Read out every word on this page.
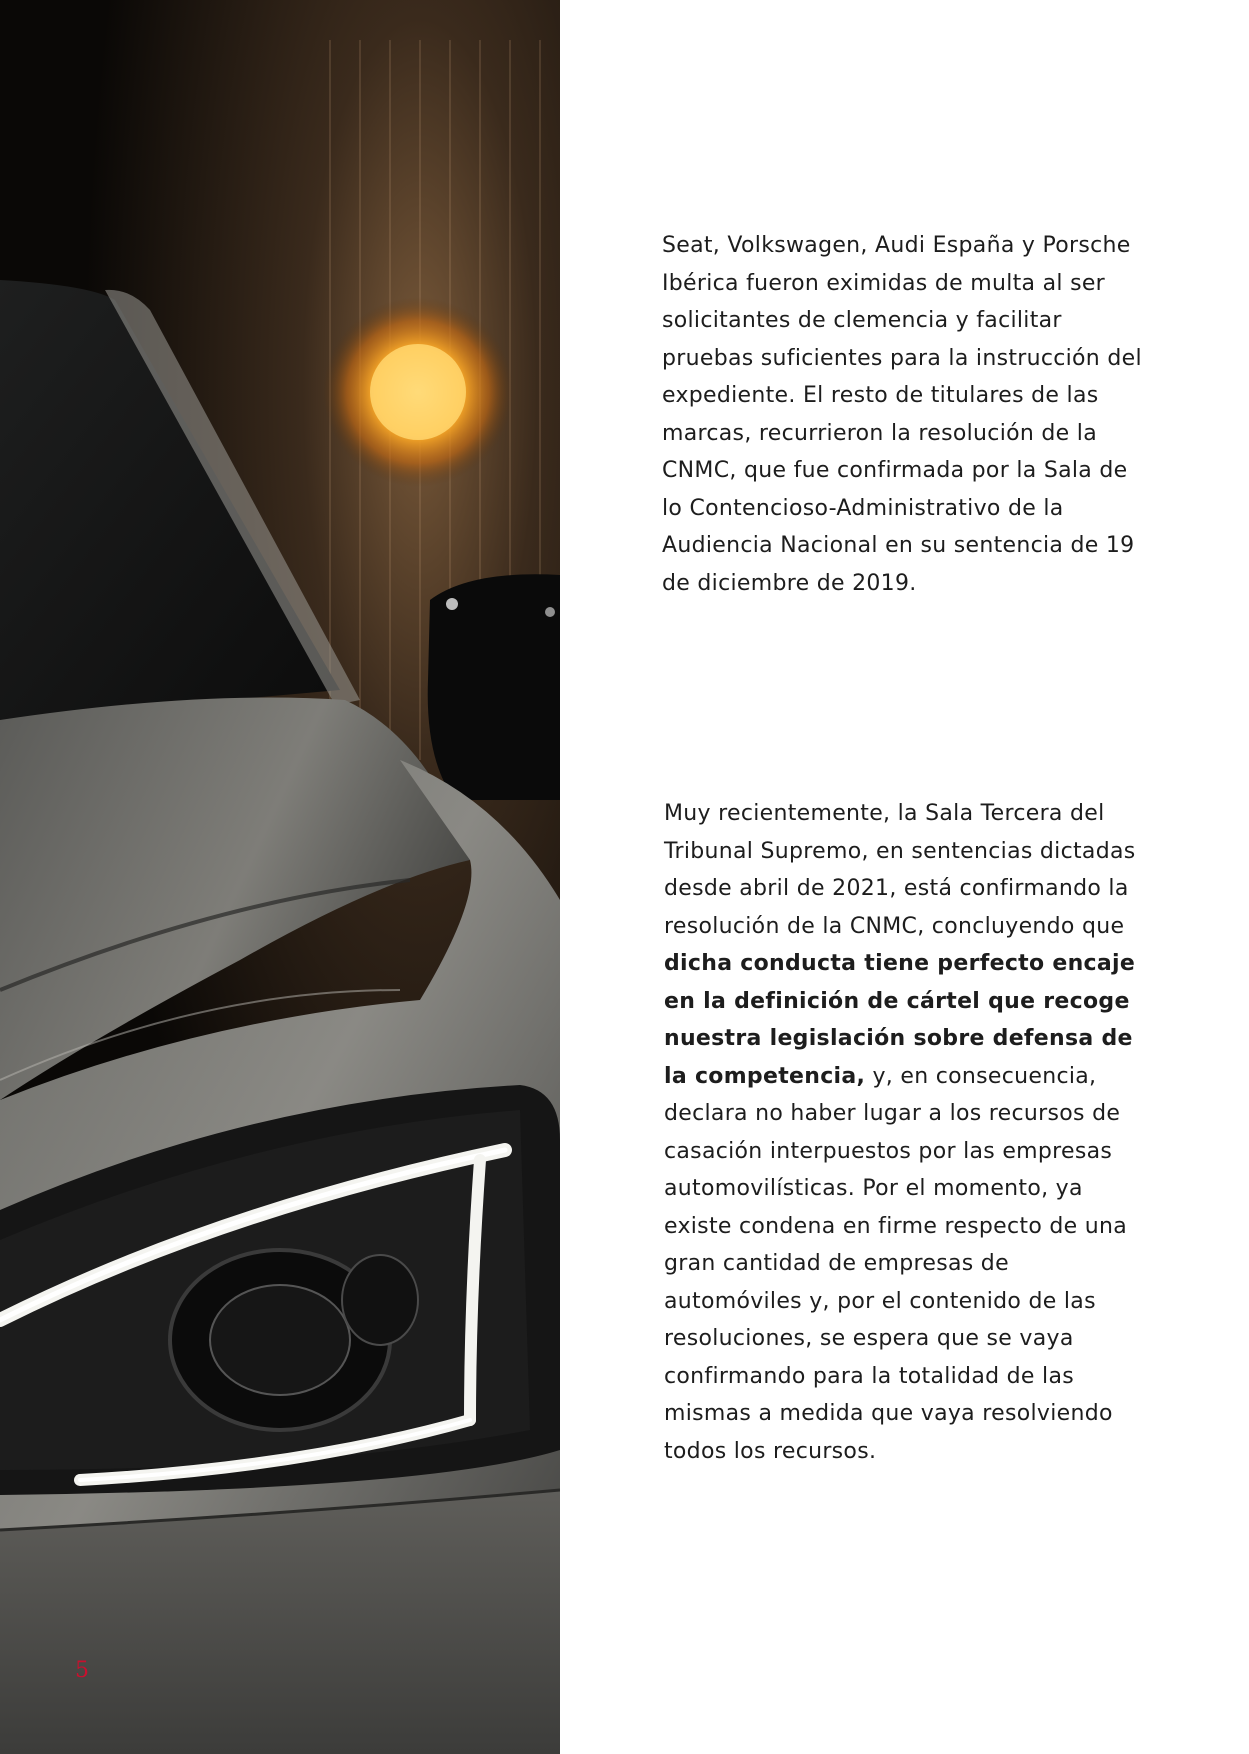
Seat, Volkswagen, Audi España y Porsche Ibérica fueron eximidas de multa al ser solicitantes de clemencia y facilitar pruebas suficientes para la instrucción del expediente. El resto de titulares de las marcas, recurrieron la resolución de la CNMC, que fue confirmada por la Sala de lo Contencioso-Administrativo de la Audiencia Nacional en su sentencia de 19 de diciembre de 2019.

Muy recientemente, la Sala Tercera del Tribunal Supremo, en sentencias dictadas desde abril de 2021, está confirmando la resolución de la CNMC, concluyendo que dicha conducta tiene perfecto encaje en la definición de cártel que recoge nuestra legislación sobre defensa de la competencia, y, en consecuencia, declara no haber lugar a los recursos de casación interpuestos por las empresas automovilísticas. Por el momento, ya existe condena en firme respecto de una gran cantidad de empresas de automóviles y, por el contenido de las resoluciones, se espera que se vaya confirmando para la totalidad de las mismas a medida que vaya resolviendo todos los recursos.

5
